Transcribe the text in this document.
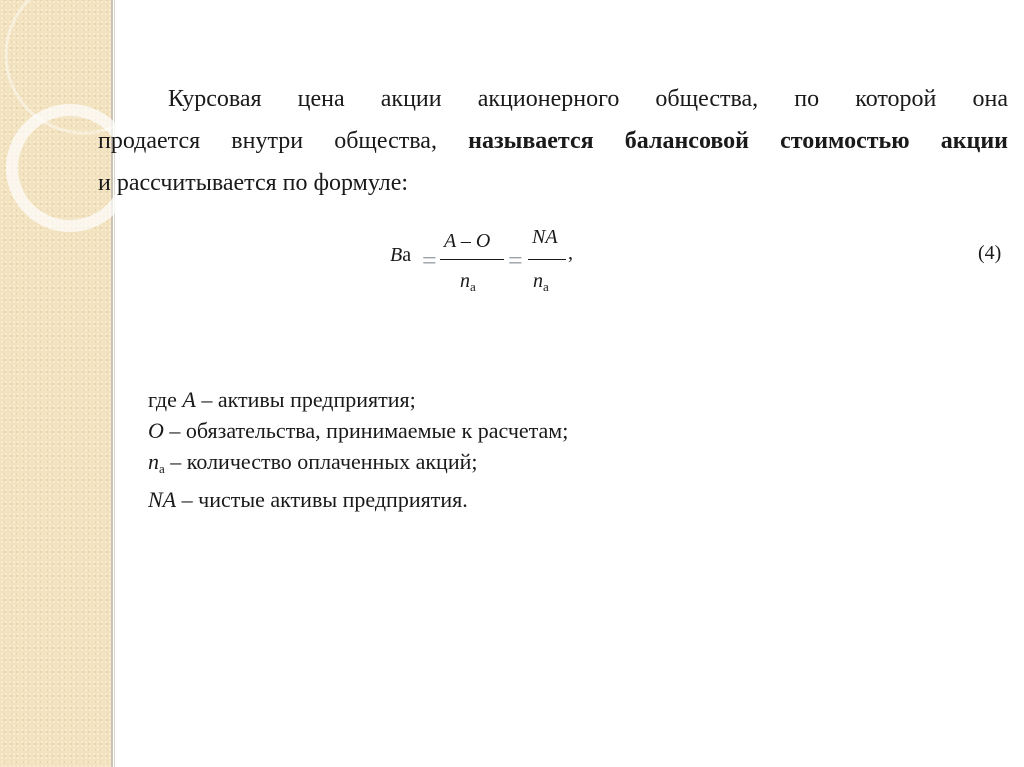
Курсовая цена акции акционерного общества, по которой она
продается внутри общества, называется балансовой стоимостью акции
и рассчитывается по формуле:
Ва =
A – O
$n_а$
=
NA
$n_а$
,	(4)
где А – активы предприятия;
О – обязательства, принимаемые к расчетам;
$n_а$ – количество оплаченных акций;
NA – чистые активы предприятия.
